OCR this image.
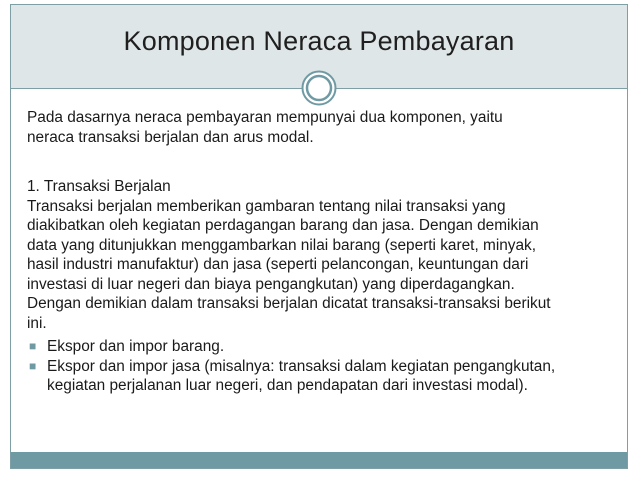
Komponen Neraca Pembayaran
Pada dasarnya neraca pembayaran mempunyai dua komponen, yaitu
neraca transaksi berjalan dan arus modal.
1. Transaksi Berjalan
Transaksi berjalan memberikan gambaran tentang nilai transaksi yang
diakibatkan oleh kegiatan perdagangan barang dan jasa. Dengan demikian
data yang ditunjukkan menggambarkan nilai barang (seperti karet, minyak,
hasil industri manufaktur) dan jasa (seperti pelancongan, keuntungan dari
investasi di luar negeri dan biaya pengangkutan) yang diperdagangkan.
Dengan demikian dalam transaksi berjalan dicatat transaksi-transaksi berikut
ini.
■ Ekspor dan impor barang.
■ Ekspor dan impor jasa (misalnya: transaksi dalam kegiatan pengangkutan,
kegiatan perjalanan luar negeri, dan pendapatan dari investasi modal).
